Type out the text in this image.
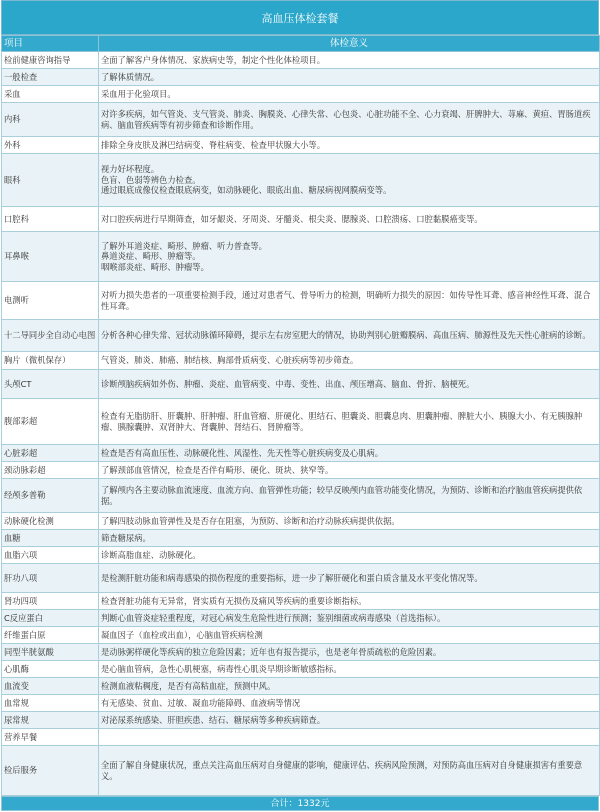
高血压体检套餐
项目	体检意义
检前健康咨询指导	全面了解客户身体情况、家族病史等，制定个性化体检项目。

一般检查	了解体质情况。

采血	采血用于化验项目。

内科	对许多疾病，如气管炎、支气管炎、肺炎、胸膜炎、心律失常、心包炎、心脏功能不全、心力衰竭、肝脾肿大、荨麻、黄疸、胃肠道疾病、脑血管疾病等有初步筛查和诊断作用。

外科	排除全身皮肤及淋巴结病变、脊柱病变、检查甲状腺大小等。

眼科	视力好坏程度。
色盲、色弱等辨色力检查。
通过眼底成像仪检查眼底病变，如动脉硬化、眼底出血、糖尿病视网膜病变等。

口腔科	对口腔疾病进行早期筛查，如牙龈炎、牙周炎、牙髓炎、根尖炎、腮腺炎、口腔溃疡、口腔黏膜癌变等。

耳鼻喉	了解外耳道炎症、畸形、肿瘤、听力普查等。
鼻道炎症、畸形、肿瘤等。
咽喉部炎症、畸形、肿瘤等。

电测听	对听力损失患者的一项重要检测手段，通过对患者气、骨导听力的检测，明确听力损失的原因：如传导性耳聋、感音神经性耳聋、混合性耳聋。

十二导同步全自动心电图	分析各种心律失常、冠状动脉循环障碍，提示左右房室肥大的情况，协助判别心脏瓣膜病、高血压病、肺源性及先天性心脏病的诊断。

胸片（微机保存）	气管炎、肺炎、肺癌、肺结核、胸部骨质病变、心脏疾病等初步筛查。

头颅CT	诊断颅脑疾病如外伤、肿瘤、炎症、血管病变、中毒、变性、出血、颅压增高、脑血、骨折、脑梗死。

腹部彩超	检查有无脂肪肝、肝囊肿、肝肿瘤、肝血管瘤、肝硬化、胆结石、胆囊炎、胆囊息肉、胆囊肿瘤、脾脏大小、胰腺大小、有无胰腺肿瘤、胰腺囊肿、双肾肿大、肾囊肿、肾结石、肾肿瘤等。

心脏彩超	检查是否有高血压性、动脉硬化性、风湿性、先天性等心脏疾病变及心肌病。

颈动脉彩超	了解颈部血管情况，检查是否伴有畸形、硬化、斑块、狭窄等。

经颅多普勒	了解颅内各主要动脉血流速度、血流方向、血管弹性功能；较早反映颅内血管功能变化情况，为预防、诊断和治疗脑血管疾病提供依据。

动脉硬化检测	了解四肢动脉血管弹性及是否存在阻塞，为预防、诊断和治疗动脉疾病提供依据。

血糖	筛查糖尿病。

血脂六项	诊断高脂血症、动脉硬化。

肝功八项	是检测肝脏功能和病毒感染的损伤程度的重要指标，进一步了解肝硬化和蛋白质含量及水平变化情况等。

肾功四项	检查肾脏功能有无异常，肾实质有无损伤及痛风等疾病的重要诊断指标。

C反应蛋白	判断心血管炎症轻重程度，对冠心病发生危险性进行预测；鉴别细菌或病毒感染（首选指标）。

纤维蛋白原	凝血因子（血栓或出血），心脑血管疾病检测

同型半胱氨酸	是动脉粥样硬化等疾病的独立危险因素；近年也有报告提示，也是老年骨质疏松的危险因素。

心肌酶	是心脑血管病，急性心肌梗塞，病毒性心肌炎早期诊断敏感指标。

血流变	检测血液粘稠度，是否有高粘血症，预测中风。

血常规	有无感染、贫血、过敏、凝血功能障碍、血液病等情况

尿常规	对泌尿系统感染、肝胆疾患、结石、糖尿病等多种疾病筛查。

营养早餐	

检后服务	全面了解自身健康状况，重点关注高血压病对自身健康的影响，健康评估、疾病风险预测，对预防高血压病对自身健康损害有重要意义。
合计：1332元
